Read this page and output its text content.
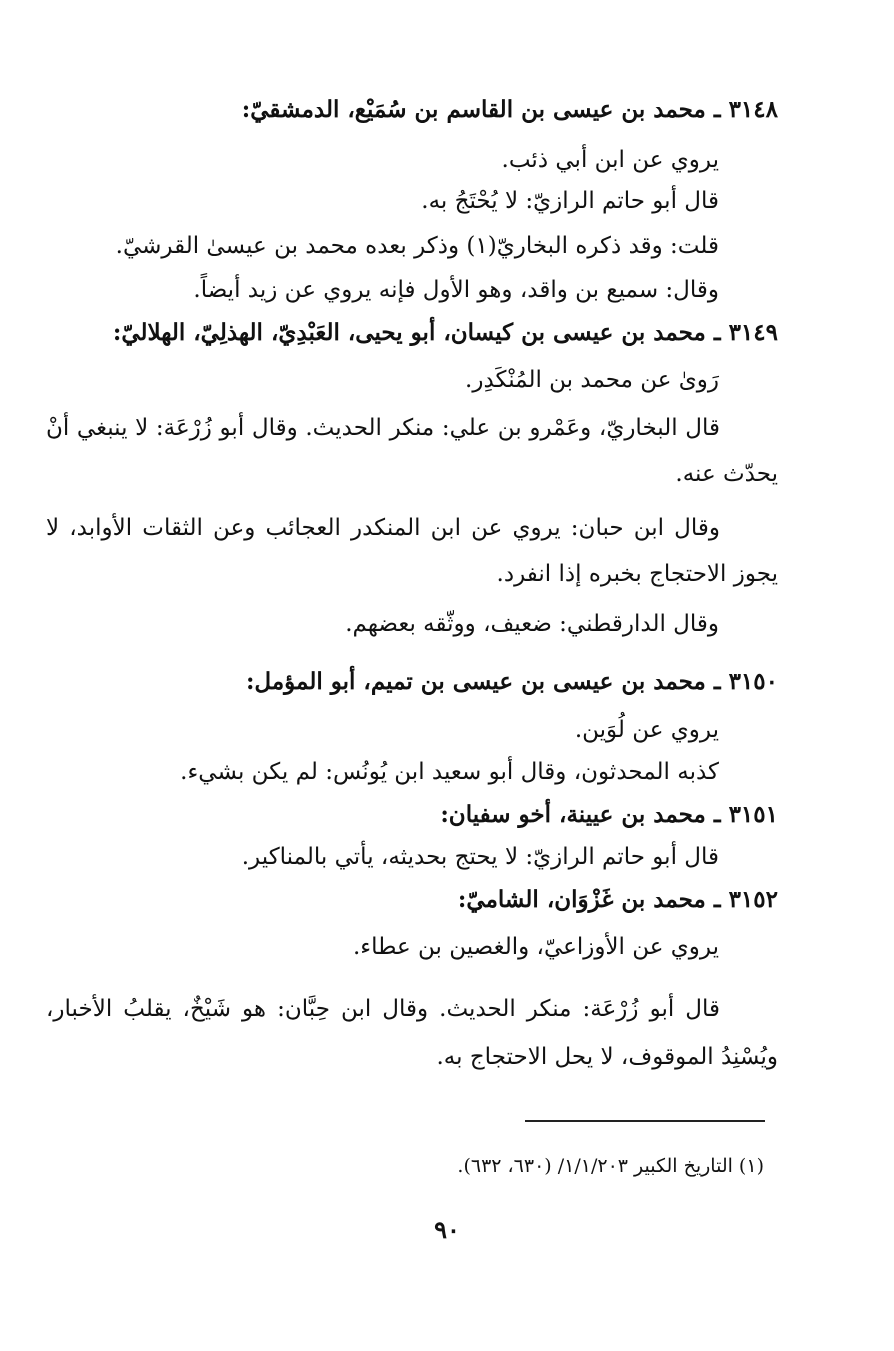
٣١٤٨ ـ محمد بن عيسى بن القاسم بن سُمَيْع، الدمشقيّ:
يروي عن ابن أبي ذئب.
قال أبو حاتم الرازيّ: لا يُحْتَجُ به.
قلت: وقد ذكره البخاريّ(١) وذكر بعده محمد بن عيسىٰ القرشيّ.
وقال: سميع بن واقد، وهو الأول فإنه يروي عن زيد أيضاً.
٣١٤٩ ـ محمد بن عيسى بن كيسان، أبو يحيى، العَبْدِيّ، الهذلِيّ، الهلاليّ:
رَوىٰ عن محمد بن المُنْكَدِر.
قال البخاريّ، وعَمْرو بن علي: منكر الحديث. وقال أبو زُرْعَة: لا ينبغي أنْ يحدّث عنه.
وقال ابن حبان: يروي عن ابن المنكدر العجائب وعن الثقات الأوابد، لا يجوز الاحتجاج بخبره إذا انفرد.
وقال الدارقطني: ضعيف، ووثّقه بعضهم.
٣١٥٠ ـ محمد بن عيسى بن عيسى بن تميم، أبو المؤمل:
يروي عن لُوَين.
كذبه المحدثون، وقال أبو سعيد ابن يُونُس: لم يكن بشيء.
٣١٥١ ـ محمد بن عيينة، أخو سفيان:
قال أبو حاتم الرازيّ: لا يحتج بحديثه، يأتي بالمناكير.
٣١٥٢ ـ محمد بن غَزْوَان، الشاميّ:
يروي عن الأوزاعيّ، والغصين بن عطاء.
قال أبو زُرْعَة: منكر الحديث. وقال ابن حِبَّان: هو شَيْخٌ، يقلبُ الأخبار، ويُسْنِدُ الموقوف، لا يحل الاحتجاج به.
(١) التاريخ الكبير ١/١/٢٠٣/ (٦٣٠، ٦٣٢).
٩٠
